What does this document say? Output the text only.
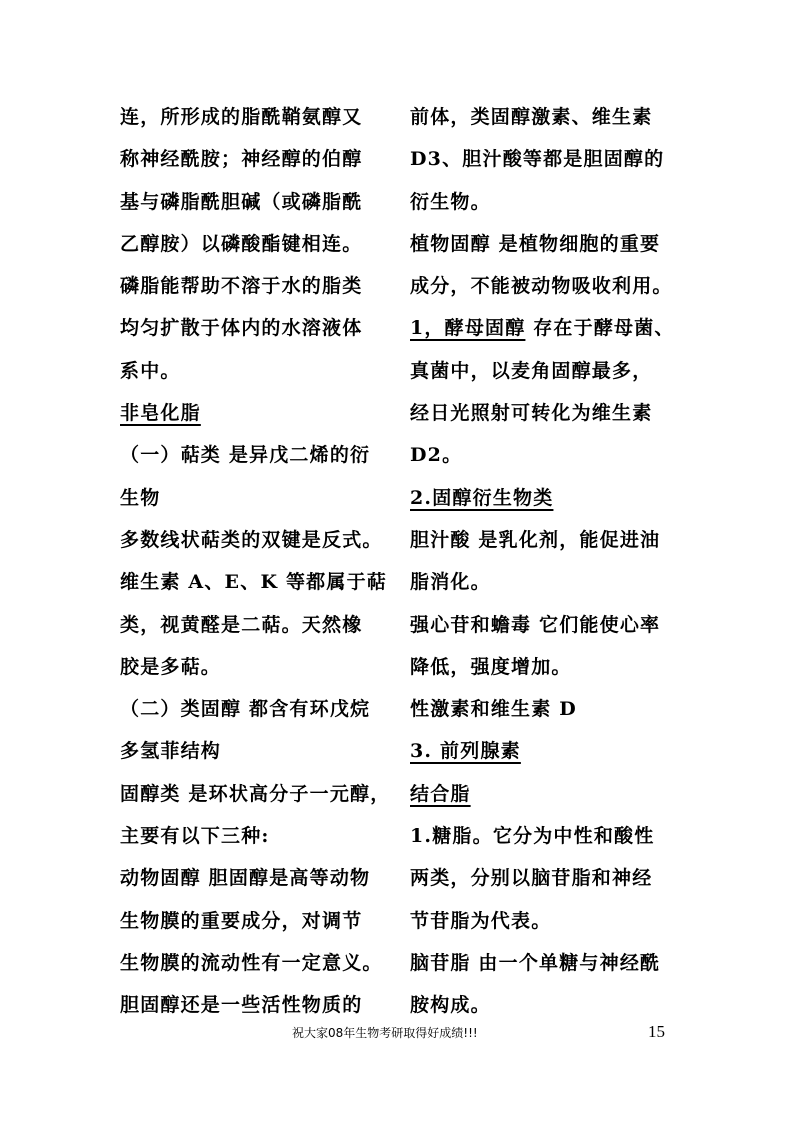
连，所形成的脂酰鞘氨醇又
称神经酰胺；神经醇的伯醇
基与磷脂酰胆碱（或磷脂酰
乙醇胺）以磷酸酯键相连。
磷脂能帮助不溶于水的脂类
均匀扩散于体内的水溶液体
系中。
非皂化脂
（一）萜类 是异戊二烯的衍
生物
多数线状萜类的双键是反式。
维生素 A、E、K 等都属于萜
类，视黄醛是二萜。天然橡
胶是多萜。
（二）类固醇 都含有环戊烷
多氢菲结构
固醇类 是环状高分子一元醇，
主要有以下三种:
动物固醇 胆固醇是高等动物
生物膜的重要成分，对调节
生物膜的流动性有一定意义。
胆固醇还是一些活性物质的
前体，类固醇激素、维生素
D3、胆汁酸等都是胆固醇的
衍生物。
植物固醇 是植物细胞的重要
成分，不能被动物吸收利用。
1，酵母固醇 存在于酵母菌、
真菌中，以麦角固醇最多，
经日光照射可转化为维生素
D2。
2.固醇衍生物类
胆汁酸 是乳化剂，能促进油
脂消化。
强心苷和蟾毒 它们能使心率
降低，强度增加。
性激素和维生素 D
3. 前列腺素
结合脂
1.糖脂。它分为中性和酸性
两类，分别以脑苷脂和神经
节苷脂为代表。
脑苷脂 由一个单糖与神经酰
胺构成。
祝大家08年生物考研取得好成绩!!!	15
